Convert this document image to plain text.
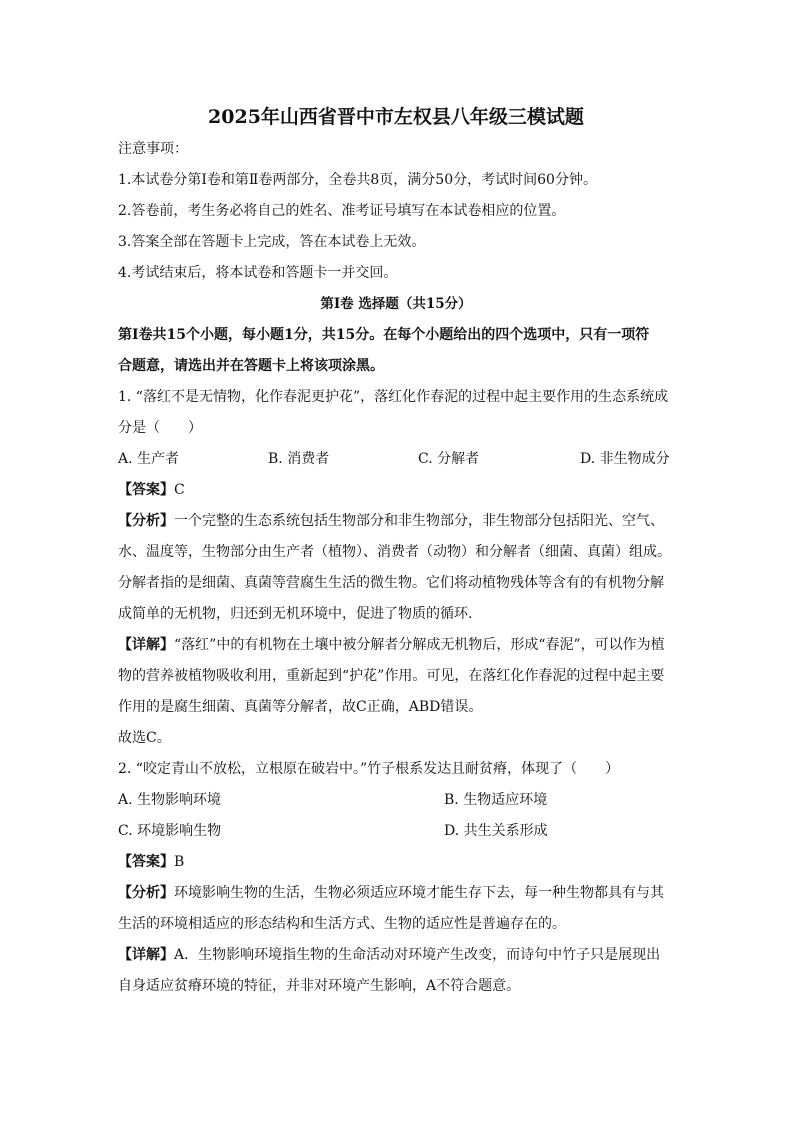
2025年山西省晋中市左权县八年级三模试题

注意事项：

1.本试卷分第Ⅰ卷和第Ⅱ卷两部分，全卷共8页，满分50分，考试时间60分钟。

2.答卷前，考生务必将自己的姓名、准考证号填写在本试卷相应的位置。

3.答案全部在答题卡上完成，答在本试卷上无效。

4.考试结束后，将本试卷和答题卡一并交回。

第Ⅰ卷 选择题（共15分）

第Ⅰ卷共15个小题，每小题1分，共15分。在每个小题给出的四个选项中，只有一项符

合题意，请选出并在答题卡上将该项涂黑。

1. “落红不是无情物，化作春泥更护花”，落红化作春泥的过程中起主要作用的生态系统成

分是（　　）

A. 生产者	B. 消费者	C. 分解者	D. 非生物成分

【答案】C

【分析】一个完整的生态系统包括生物部分和非生物部分，非生物部分包括阳光、空气、

水、温度等，生物部分由生产者（植物）、消费者（动物）和分解者（细菌、真菌）组成。

分解者指的是细菌、真菌等营腐生生活的微生物。它们将动植物残体等含有的有机物分解

成简单的无机物，归还到无机环境中，促进了物质的循环.

【详解】“落红”中的有机物在土壤中被分解者分解成无机物后，形成“春泥”，可以作为植

物的营养被植物吸收利用，重新起到“护花”作用。可见，在落红化作春泥的过程中起主要

作用的是腐生细菌、真菌等分解者，故C正确，ABD错误。

故选C。

2. “咬定青山不放松，立根原在破岩中。”竹子根系发达且耐贫瘠，体现了（　　）

A. 生物影响环境	B. 生物适应环境
C. 环境影响生物	D. 共生关系形成

【答案】B

【分析】环境影响生物的生活，生物必须适应环境才能生存下去，每一种生物都具有与其

生活的环境相适应的形态结构和生活方式、生物的适应性是普遍存在的。

【详解】A．生物影响环境指生物的生命活动对环境产生改变，而诗句中竹子只是展现出

自身适应贫瘠环境的特征，并非对环境产生影响，A不符合题意。
